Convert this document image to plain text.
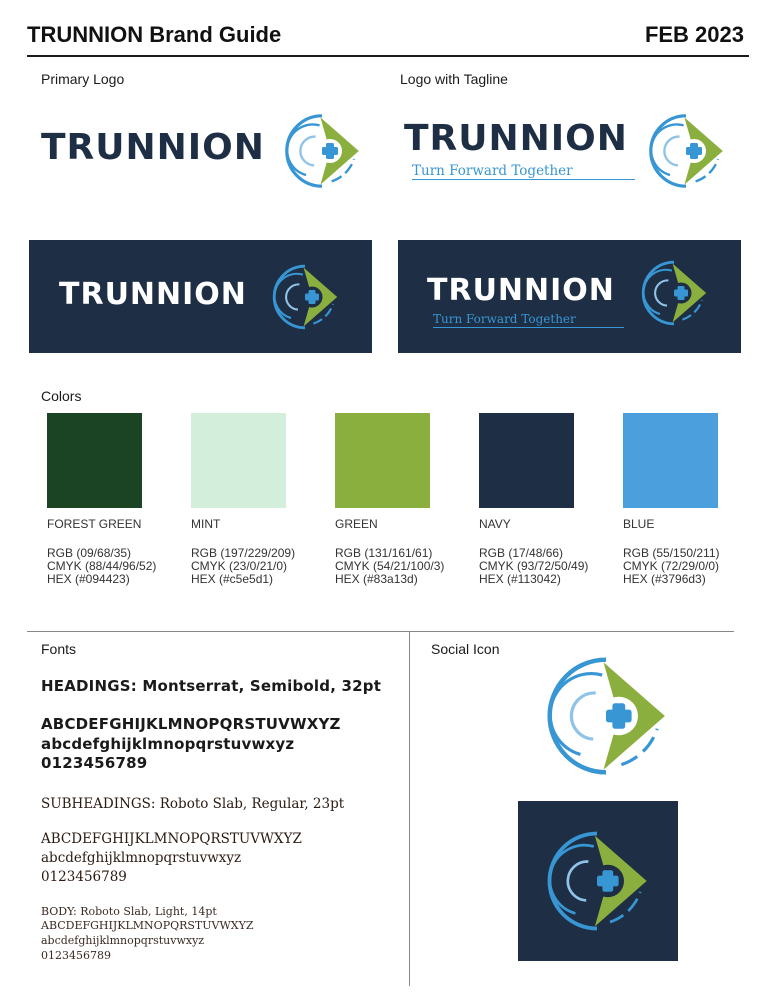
TRUNNION Brand Guide	FEB 2023
Primary Logo	Logo with Tagline
TRUNNION	TRUNNION
Turn Forward Together
TRUNNION	TRUNNION
Turn Forward Together
Colors
FOREST GREEN
RGB (09/68/35)
CMYK (88/44/96/52)
HEX (#094423)
MINT
RGB (197/229/209)
CMYK (23/0/21/0)
HEX (#c5e5d1)
GREEN
RGB (131/161/61)
CMYK (54/21/100/3)
HEX (#83a13d)
NAVY
RGB (17/48/66)
CMYK (93/72/50/49)
HEX (#113042)
BLUE
RGB (55/150/211)
CMYK (72/29/0/0)
HEX (#3796d3)
Fonts
HEADINGS: Montserrat, Semibold, 32pt
ABCDEFGHIJKLMNOPQRSTUVWXYZ
abcdefghijklmnopqrstuvwxyz
0123456789
SUBHEADINGS: Roboto Slab, Regular, 23pt
ABCDEFGHIJKLMNOPQRSTUVWXYZ
abcdefghijklmnopqrstuvwxyz
0123456789
BODY: Roboto Slab, Light, 14pt
ABCDEFGHIJKLMNOPQRSTUVWXYZ
abcdefghijklmnopqrstuvwxyz
0123456789
Social Icon
